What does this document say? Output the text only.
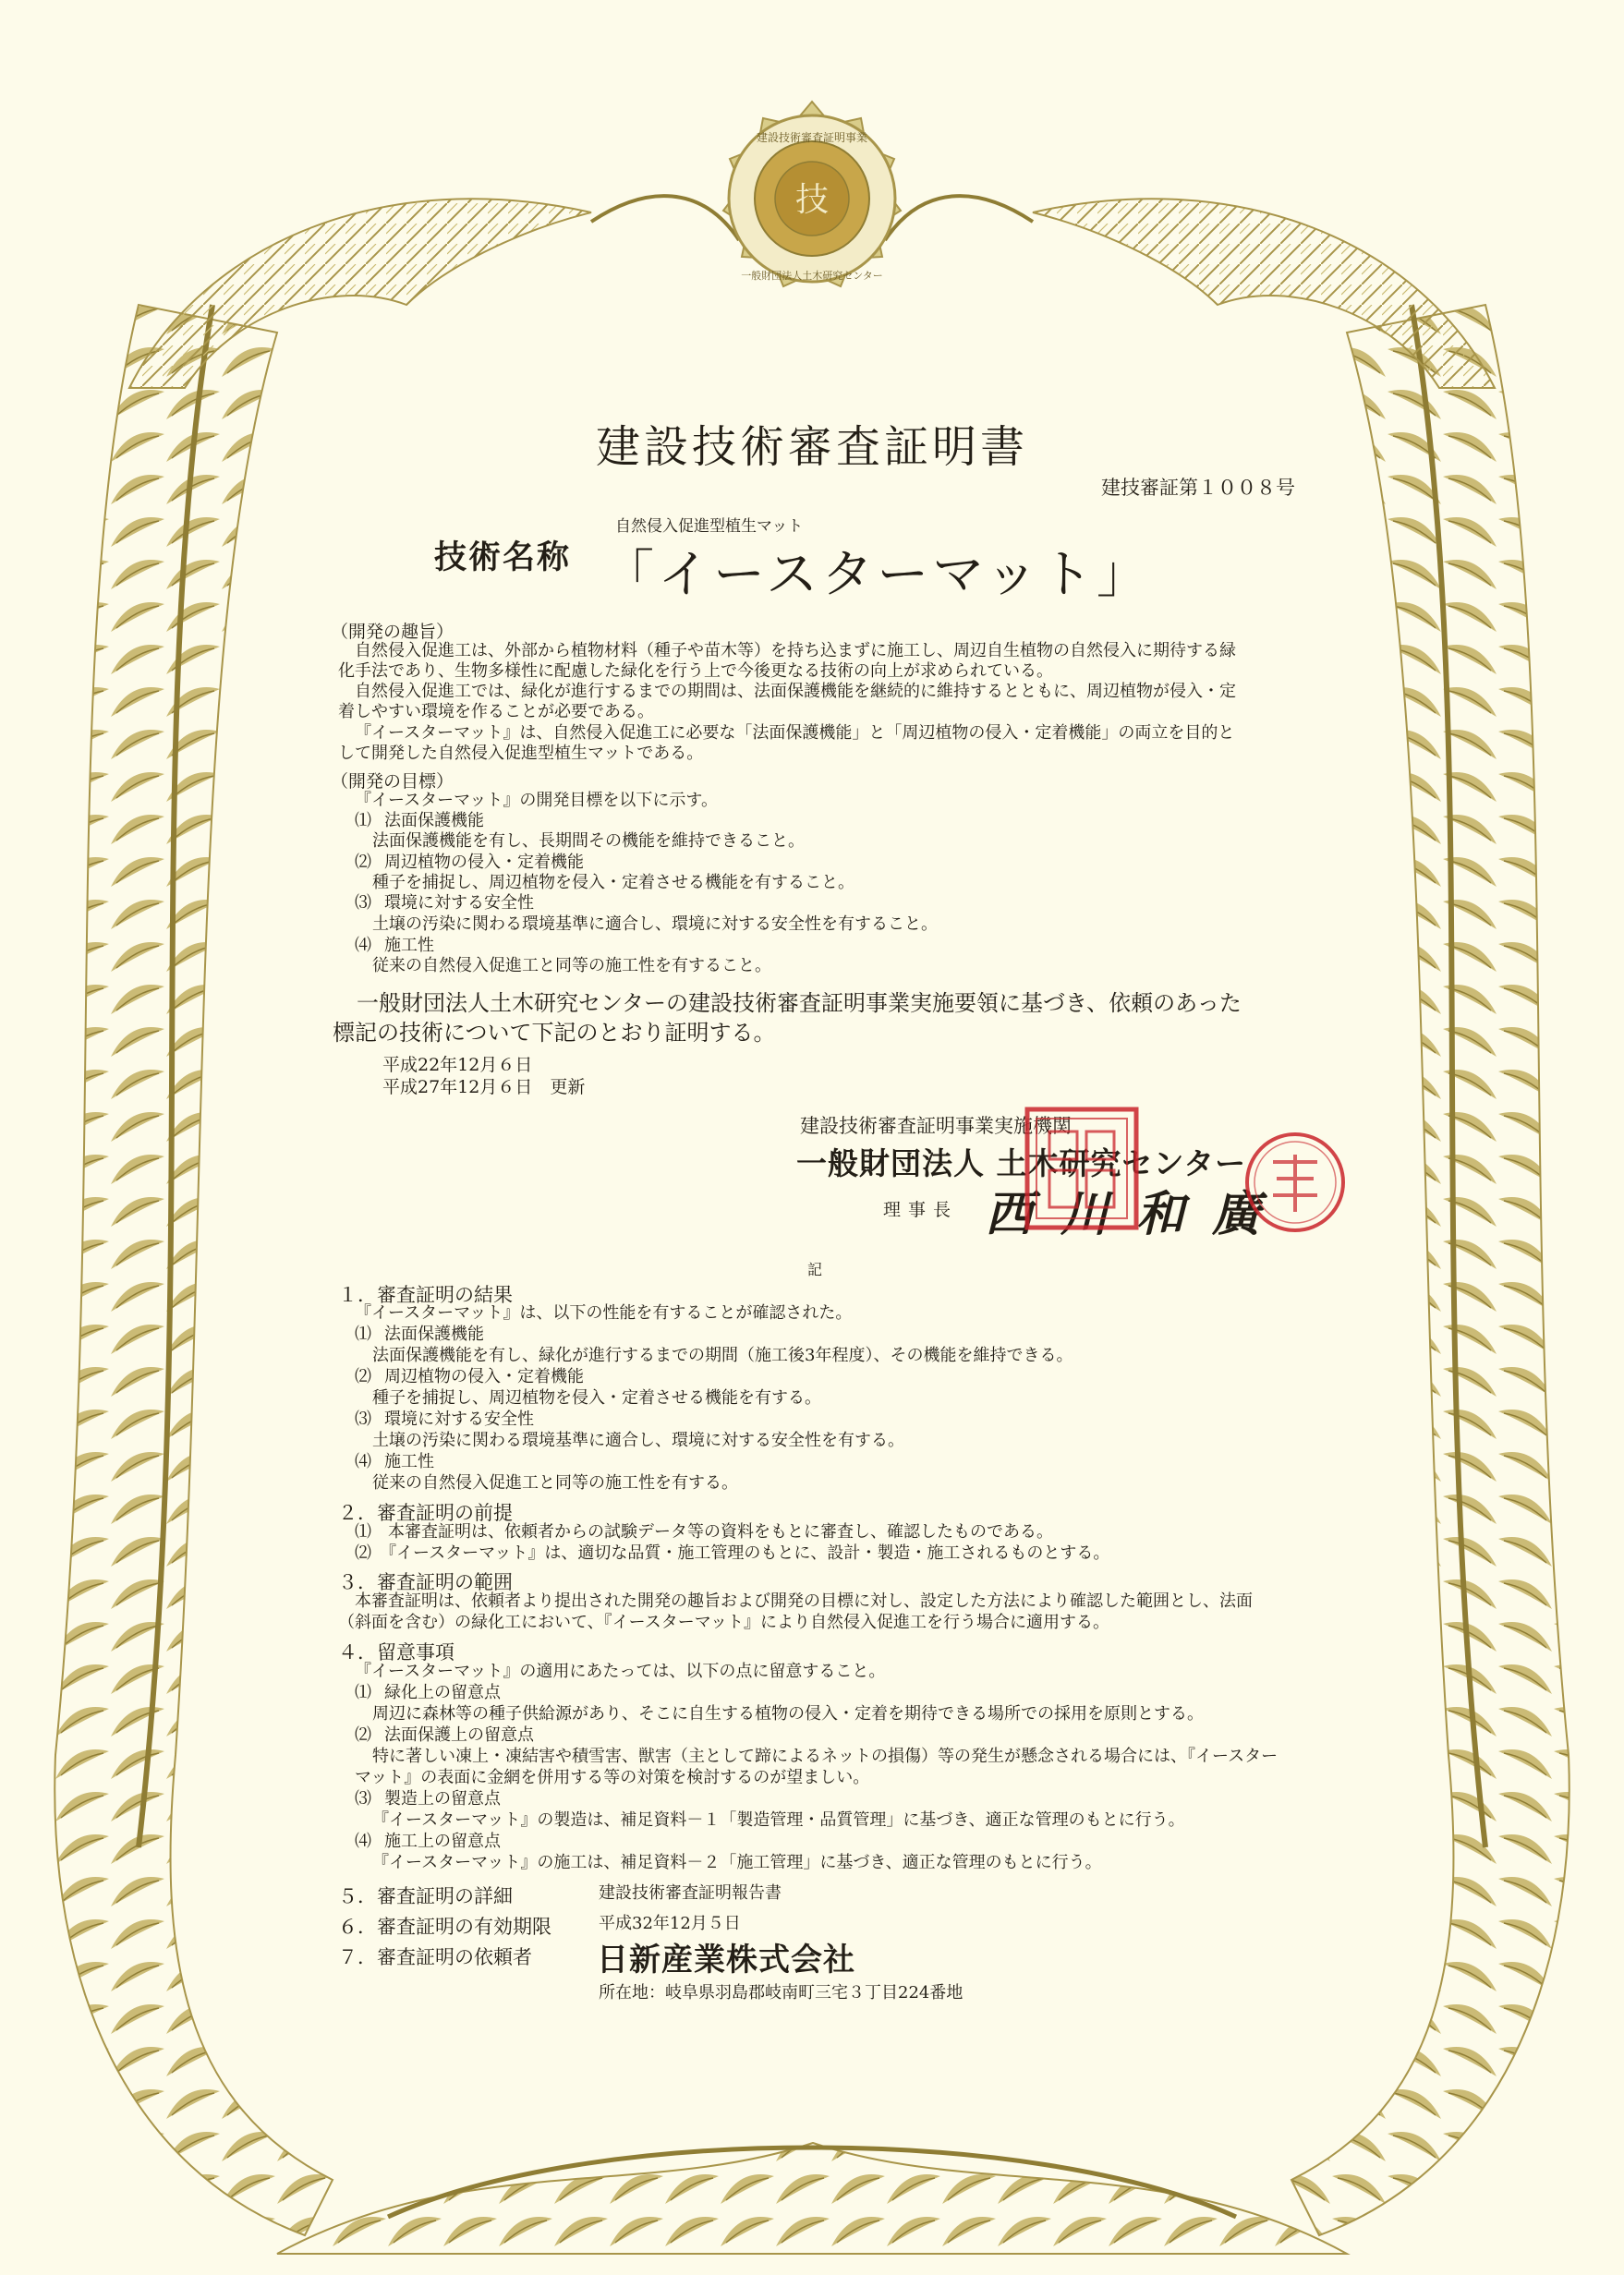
技
建設技術審査証明事業
一般財団法人土木研究センター
建設技術審査証明書
建技審証第１００８号
技術名称
自然侵入促進型植生マット
「イースターマット」
（開発の趣旨）
自然侵入促進工は、外部から植物材料（種子や苗木等）を持ち込まずに施工し、周辺自生植物の自然侵入に期待する緑
化手法であり、生物多様性に配慮した緑化を行う上で今後更なる技術の向上が求められている。
自然侵入促進工では、緑化が進行するまでの期間は、法面保護機能を継続的に維持するとともに、周辺植物が侵入・定
着しやすい環境を作ることが必要である。
『イースターマット』は、自然侵入促進工に必要な「法面保護機能」と「周辺植物の侵入・定着機能」の両立を目的と
して開発した自然侵入促進型植生マットである。
（開発の目標）
『イースターマット』の開発目標を以下に示す。
⑴ 法面保護機能
法面保護機能を有し、長期間その機能を維持できること。
⑵ 周辺植物の侵入・定着機能
種子を捕捉し、周辺植物を侵入・定着させる機能を有すること。
⑶ 環境に対する安全性
土壌の汚染に関わる環境基準に適合し、環境に対する安全性を有すること。
⑷ 施工性
従来の自然侵入促進工と同等の施工性を有すること。
一般財団法人土木研究センターの建設技術審査証明事業実施要領に基づき、依頼のあった
標記の技術について下記のとおり証明する。
平成22年12月６日
平成27年12月６日　更新
建設技術審査証明事業実施機関
一般財団法人 土木研究センター
理事長 西川和廣
記
１．審査証明の結果
『イースターマット』は、以下の性能を有することが確認された。
⑴ 法面保護機能
法面保護機能を有し、緑化が進行するまでの期間（施工後3年程度）、その機能を維持できる。
⑵ 周辺植物の侵入・定着機能
種子を捕捉し、周辺植物を侵入・定着させる機能を有する。
⑶ 環境に対する安全性
土壌の汚染に関わる環境基準に適合し、環境に対する安全性を有する。
⑷ 施工性
従来の自然侵入促進工と同等の施工性を有する。
２．審査証明の前提
⑴　本審査証明は、依頼者からの試験データ等の資料をもとに審査し、確認したものである。
⑵　『イースターマット』は、適切な品質・施工管理のもとに、設計・製造・施工されるものとする。
３．審査証明の範囲
本審査証明は、依頼者より提出された開発の趣旨および開発の目標に対し、設定した方法により確認した範囲とし、法面
（斜面を含む）の緑化工において、『イースターマット』により自然侵入促進工を行う場合に適用する。
４．留意事項
『イースターマット』の適用にあたっては、以下の点に留意すること。
⑴ 緑化上の留意点
周辺に森林等の種子供給源があり、そこに自生する植物の侵入・定着を期待できる場所での採用を原則とする。
⑵ 法面保護上の留意点
特に著しい凍上・凍結害や積雪害、獣害（主として蹄によるネットの損傷）等の発生が懸念される場合には、『イースター
マット』の表面に金網を併用する等の対策を検討するのが望ましい。
⑶ 製造上の留意点
『イースターマット』の製造は、補足資料－１「製造管理・品質管理」に基づき、適正な管理のもとに行う。
⑷ 施工上の留意点
『イースターマット』の施工は、補足資料－２「施工管理」に基づき、適正な管理のもとに行う。
５．審査証明の詳細	建設技術審査証明報告書
６．審査証明の有効期限	平成32年12月５日
７．審査証明の依頼者 日新産業株式会社
所在地：岐阜県羽島郡岐南町三宅３丁目224番地
